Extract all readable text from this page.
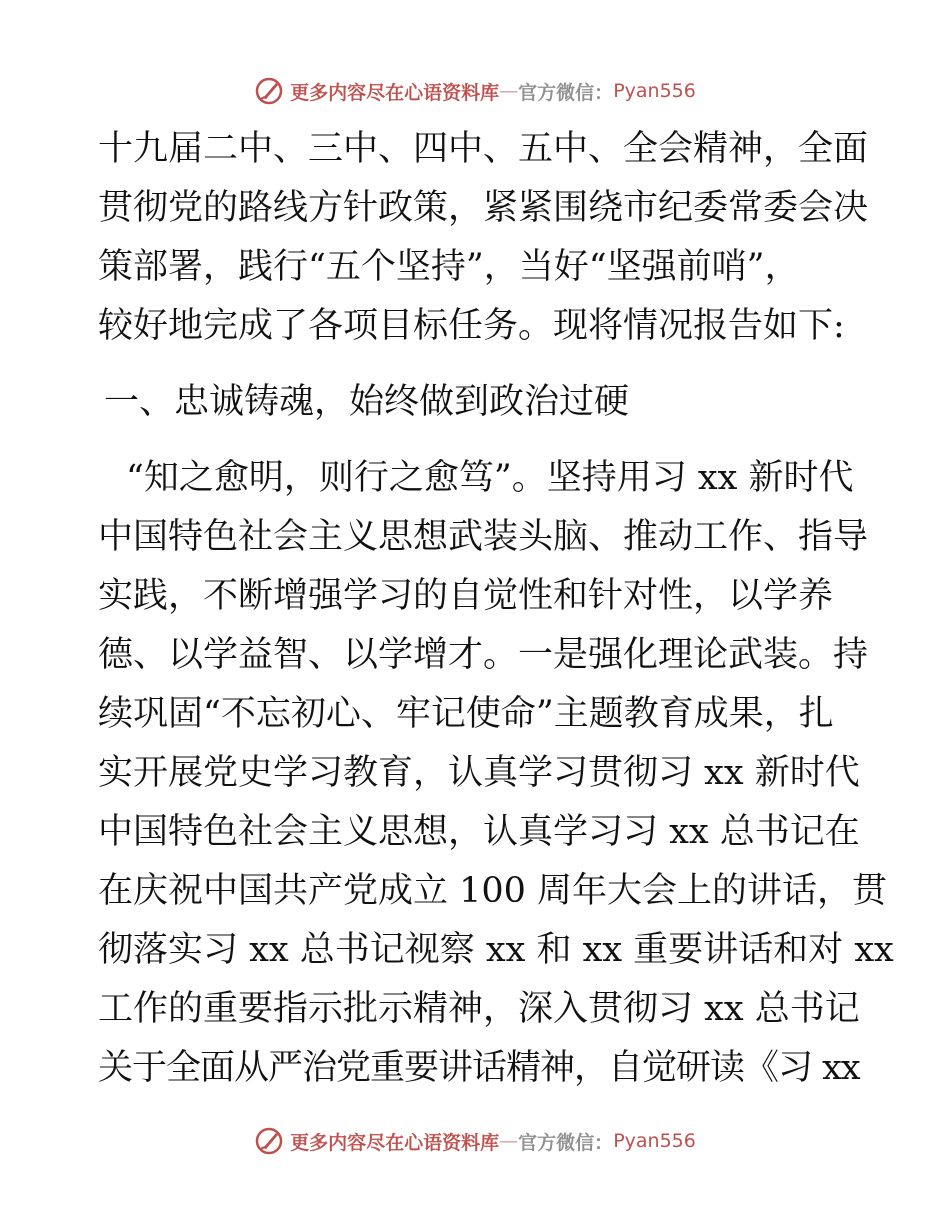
更多内容尽在心语资料库 — 官方微信： Pyan556
十九届二中、三中、四中、五中、全会精神，全面
贯彻党的路线方针政策，紧紧围绕市纪委常委会决
策部署，践行“五个坚持”，当好“坚强前哨”，
较好地完成了各项目标任务。现将情况报告如下:
一、忠诚铸魂，始终做到政治过硬
“知之愈明，则行之愈笃”。坚持用习 xx 新时代
中国特色社会主义思想武装头脑、推动工作、指导
实践，不断增强学习的自觉性和针对性，以学养
德、以学益智、以学增才。一是强化理论武装。持
续巩固“不忘初心、牢记使命”主题教育成果，扎
实开展党史学习教育，认真学习贯彻习 xx 新时代
中国特色社会主义思想，认真学习习 xx 总书记在
在庆祝中国共产党成立 100 周年大会上的讲话，贯
彻落实习 xx 总书记视察 xx 和 xx 重要讲话和对 xx
工作的重要指示批示精神，深入贯彻习 xx 总书记
关于全面从严治党重要讲话精神，自觉研读《习 xx
更多内容尽在心语资料库 — 官方微信： Pyan556
